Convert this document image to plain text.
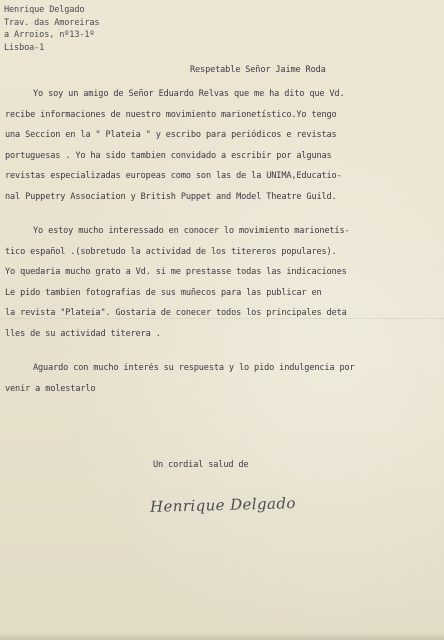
Henrique Delgado
Trav. das Amoreiras
a Arroios, nº13-1º
Lisboa-1
Respetable Señor Jaime Roda
Yo soy un amigo de Señor Eduardo Relvas que me ha dito que Vd.
recibe informaciones de nuestro movimiento marionetístico.Yo tengo
una Seccion en la " Plateia " y escribo para periódicos e revistas
portuguesas . Yo ha sido tambien convidado a escribir por algunas
revistas especializadas europeas como son las de la UNIMA,Educatio-
nal Puppetry Association y British Puppet and Model Theatre Guild.
Yo estoy mucho interessado en conocer lo movimiento marionetís-
tico español .(sobretudo la actividad de los titereros populares).
Yo quedaria mucho grato a Vd. si me prestasse todas las indicaciones
Le pido tambien fotografias de sus muñecos para las publicar en
la revista "Plateia". Gostaria de conecer todos los principales deta
lles de su actividad titerera .
Aguardo con mucho interés su respuesta y lo pido indulgencia por
venir a molestarlo
Un cordial salud de
Henrique Delgado
